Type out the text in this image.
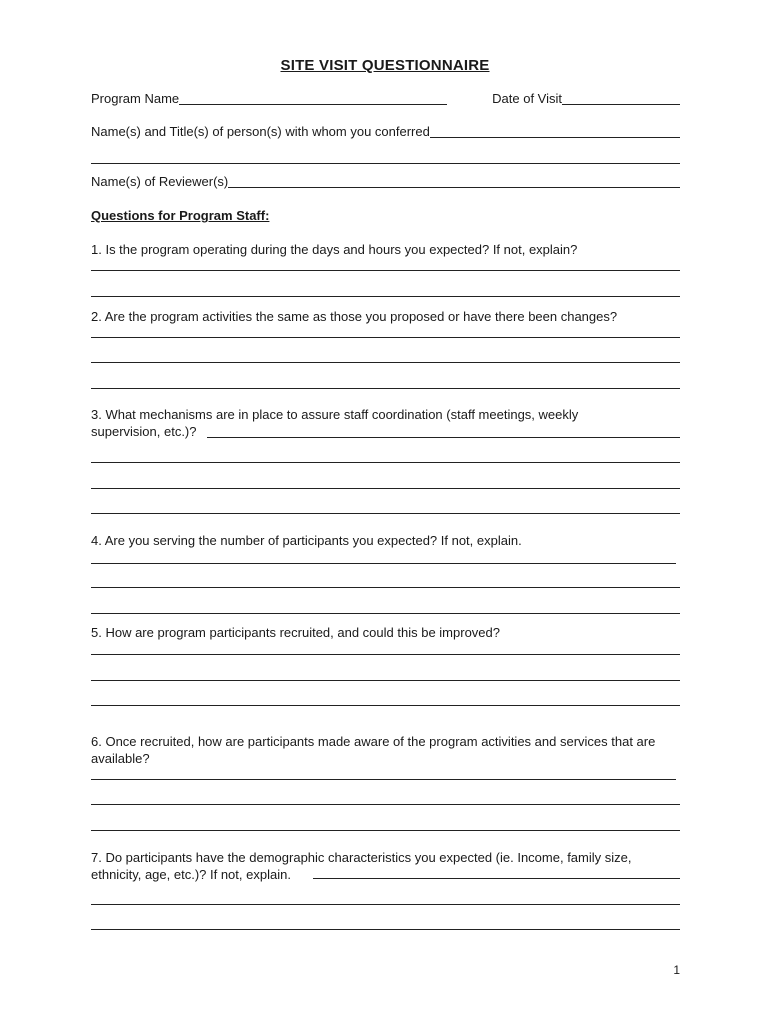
SITE VISIT QUESTIONNAIRE
Program Name	Date of Visit
Name(s) and Title(s) of person(s) with whom you conferred
Name(s) of Reviewer(s)
Questions for Program Staff:
1. Is the program operating during the days and hours you expected? If not, explain?
2. Are the program activities the same as those you proposed or have there been changes?
3. What mechanisms are in place to assure staff coordination (staff meetings, weekly supervision, etc.)?
4. Are you serving the number of participants you expected? If not, explain.
5. How are program participants recruited, and could this be improved?
6. Once recruited, how are participants made aware of the program activities and services that are available?
7. Do participants have the demographic characteristics you expected (ie. Income, family size, ethnicity, age, etc.)? If not, explain.
1
